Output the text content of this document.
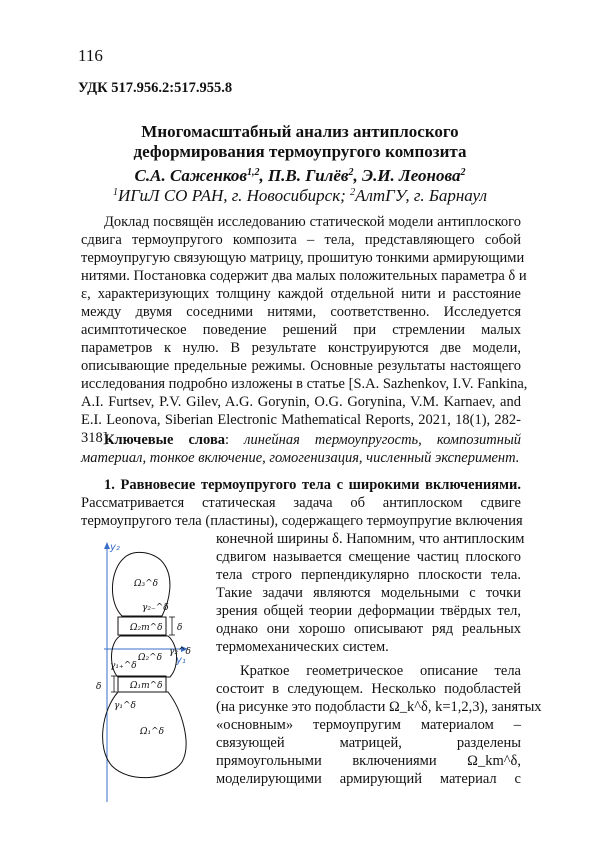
116
УДК 517.956.2:517.955.8
Многомасштабный анализ антиплоского
деформирования термоупругого композита
С.А. Саженков$^{1,2}$, П.В. Гилёв$^2$, Э.И. Леонова$^2$
$^1$ИГиЛ СО РАН, г. Новосибирск; $^2$АлтГУ, г. Барнаул
Доклад посвящён исследованию статической модели антиплоского
сдвига термоупругого композита – тела, представляющего собой
термоупругую связующую матрицу, прошитую тонкими армирующими
нитями. Постановка содержит два малых положительных параметра δ и
ε, характеризующих толщину каждой отдельной нити и расстояние
между двумя соседними нитями, соответственно. Исследуется
асимптотическое поведение решений при стремлении малых
параметров к нулю. В результате конструируются две модели,
описывающие предельные режимы. Основные результаты настоящего
исследования подробно изложены в статье [S.A. Sazhenkov, I.V. Fankina,
A.I. Furtsev, P.V. Gilev, A.G. Gorynin, O.G. Gorynina, V.M. Karnaev, and
E.I. Leonova, Siberian Electronic Mathematical Reports, 2021, 18(1), 282-
318].
Ключевые слова: линейная термоупругость, композитный
материал, тонкое включение, гомогенизация, численный эксперимент.
1. Равновесие термоупругого тела с широкими включениями.
Рассматривается статическая задача об антиплоском сдвиге
термоупругого тела (пластины), содержащего термоупругие включения
конечной ширины δ. Напомним, что антиплоским
сдвигом называется смещение частиц плоского
тела строго перпендикулярно плоскости тела.
Такие задачи являются модельными с точки
зрения общей теории деформации твёрдых тел,
однако они хорошо описывают ряд реальных
термомеханических систем.
Краткое геометрическое описание тела
состоит в следующем. Несколько подобластей
(на рисунке это подобласти Ω_k^δ, k=1,2,3), занятых
«основным» термоупругим материалом –
связующей матрицей, разделены
прямоугольными включениями Ω_km^δ,
моделирующими армирующий материал с
y₂
y₁
Ω₃^δ
γ₂₋^δ
Ω₂m^δ δ
γ₂^δ
Ω₂^δ
γ₁₊^δ
δ	Ω₁m^δ
γ₁^δ
Ω₁^δ
